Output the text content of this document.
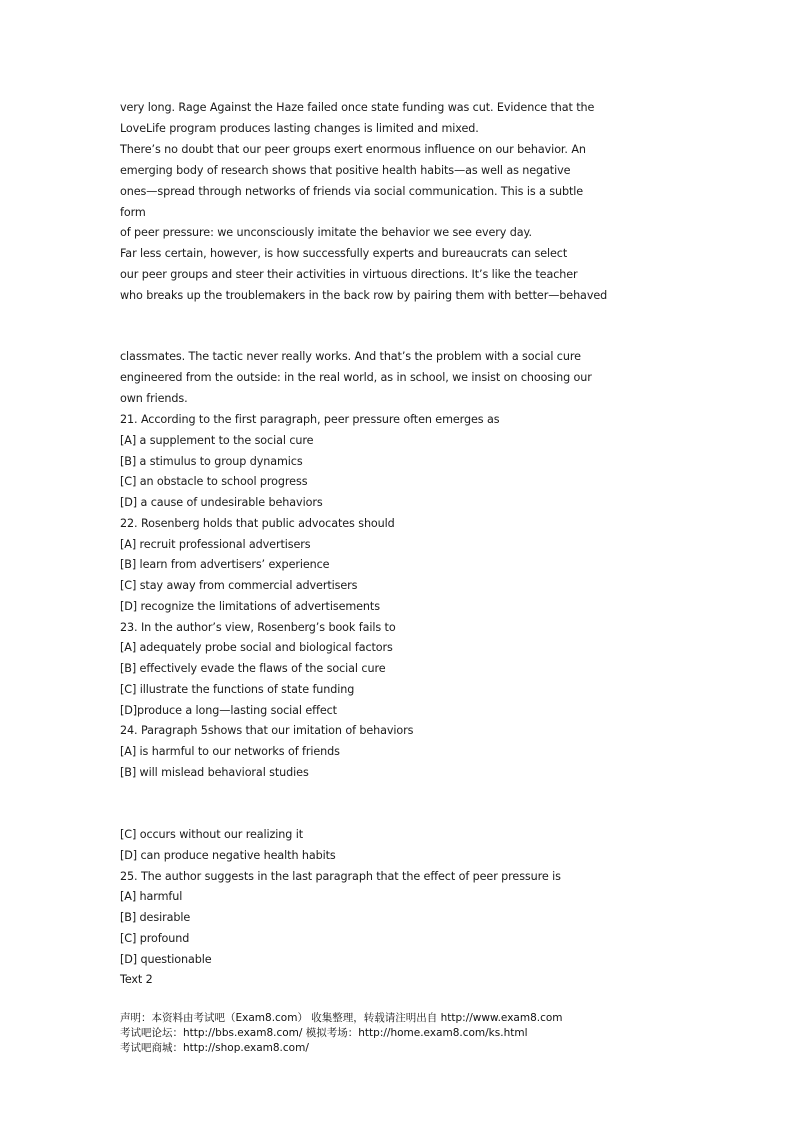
very long. Rage Against the Haze failed once state funding was cut. Evidence that the
LoveLife program produces lasting changes is limited and mixed.
There’s no doubt that our peer groups exert enormous influence on our behavior. An
emerging body of research shows that positive health habits—as well as negative
ones—spread through networks of friends via social communication. This is a subtle
form
of peer pressure: we unconsciously imitate the behavior we see every day.
Far less certain, however, is how successfully experts and bureaucrats can select
our peer groups and steer their activities in virtuous directions. It’s like the teacher
who breaks up the troublemakers in the back row by pairing them with better—behaved
classmates. The tactic never really works. And that’s the problem with a social cure
engineered from the outside: in the real world, as in school, we insist on choosing our
own friends.
21. According to the first paragraph, peer pressure often emerges as
[A] a supplement to the social cure
[B] a stimulus to group dynamics
[C] an obstacle to school progress
[D] a cause of undesirable behaviors
22. Rosenberg holds that public advocates should
[A] recruit professional advertisers
[B] learn from advertisers’ experience
[C] stay away from commercial advertisers
[D] recognize the limitations of advertisements
23. In the author’s view, Rosenberg’s book fails to
[A] adequately probe social and biological factors
[B] effectively evade the flaws of the social cure
[C] illustrate the functions of state funding
[D]produce a long—lasting social effect
24. Paragraph 5shows that our imitation of behaviors
[A] is harmful to our networks of friends
[B] will mislead behavioral studies
[C] occurs without our realizing it
[D] can produce negative health habits
25. The author suggests in the last paragraph that the effect of peer pressure is
[A] harmful
[B] desirable
[C] profound
[D] questionable
Text 2
声明：本资料由考试吧（Exam8.com） 收集整理，转载请注明出自 http://www.exam8.com
考试吧论坛：http://bbs.exam8.com/ 模拟考场：http://home.exam8.com/ks.html
考试吧商城：http://shop.exam8.com/
